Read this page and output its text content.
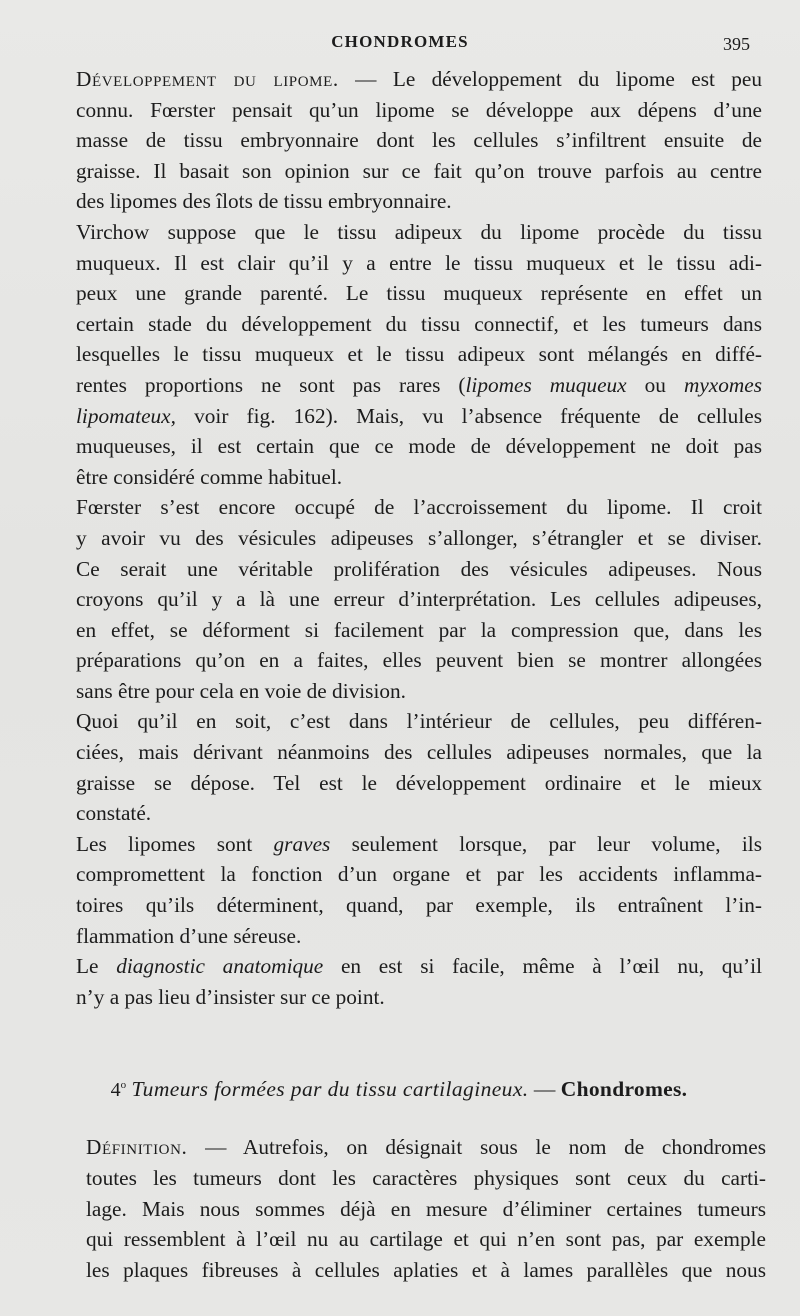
CHONDROMES	395

Développement du lipome. — Le développement du lipome est peu
connu. Fœrster pensait qu’un lipome se développe aux dépens d’une
masse de tissu embryonnaire dont les cellules s’infiltrent ensuite de
graisse. Il basait son opinion sur ce fait qu’on trouve parfois au centre
des lipomes des îlots de tissu embryonnaire.

Virchow suppose que le tissu adipeux du lipome procède du tissu
muqueux. Il est clair qu’il y a entre le tissu muqueux et le tissu adi-
peux une grande parenté. Le tissu muqueux représente en effet un
certain stade du développement du tissu connectif, et les tumeurs dans
lesquelles le tissu muqueux et le tissu adipeux sont mélangés en diffé-
rentes proportions ne sont pas rares (lipomes muqueux ou myxomes
lipomateux, voir fig. 162). Mais, vu l’absence fréquente de cellules
muqueuses, il est certain que ce mode de développement ne doit pas
être considéré comme habituel.

Fœrster s’est encore occupé de l’accroissement du lipome. Il croit
y avoir vu des vésicules adipeuses s’allonger, s’étrangler et se diviser.
Ce serait une véritable prolifération des vésicules adipeuses. Nous
croyons qu’il y a là une erreur d’interprétation. Les cellules adipeuses,
en effet, se déforment si facilement par la compression que, dans les
préparations qu’on en a faites, elles peuvent bien se montrer allongées
sans être pour cela en voie de division.

Quoi qu’il en soit, c’est dans l’intérieur de cellules, peu différen-
ciées, mais dérivant néanmoins des cellules adipeuses normales, que la
graisse se dépose. Tel est le développement ordinaire et le mieux
constaté.

Les lipomes sont graves seulement lorsque, par leur volume, ils
compromettent la fonction d’un organe et par les accidents inflamma-
toires qu’ils déterminent, quand, par exemple, ils entraînent l’in-
flammation d’une séreuse.

Le diagnostic anatomique en est si facile, même à l’œil nu, qu’il
n’y a pas lieu d’insister sur ce point.

4$^o$ Tumeurs formées par du tissu cartilagineux. — Chondromes.

Définition. — Autrefois, on désignait sous le nom de chondromes
toutes les tumeurs dont les caractères physiques sont ceux du carti-
lage. Mais nous sommes déjà en mesure d’éliminer certaines tumeurs
qui ressemblent à l’œil nu au cartilage et qui n’en sont pas, par exemple
les plaques fibreuses à cellules aplaties et à lames parallèles que nous
